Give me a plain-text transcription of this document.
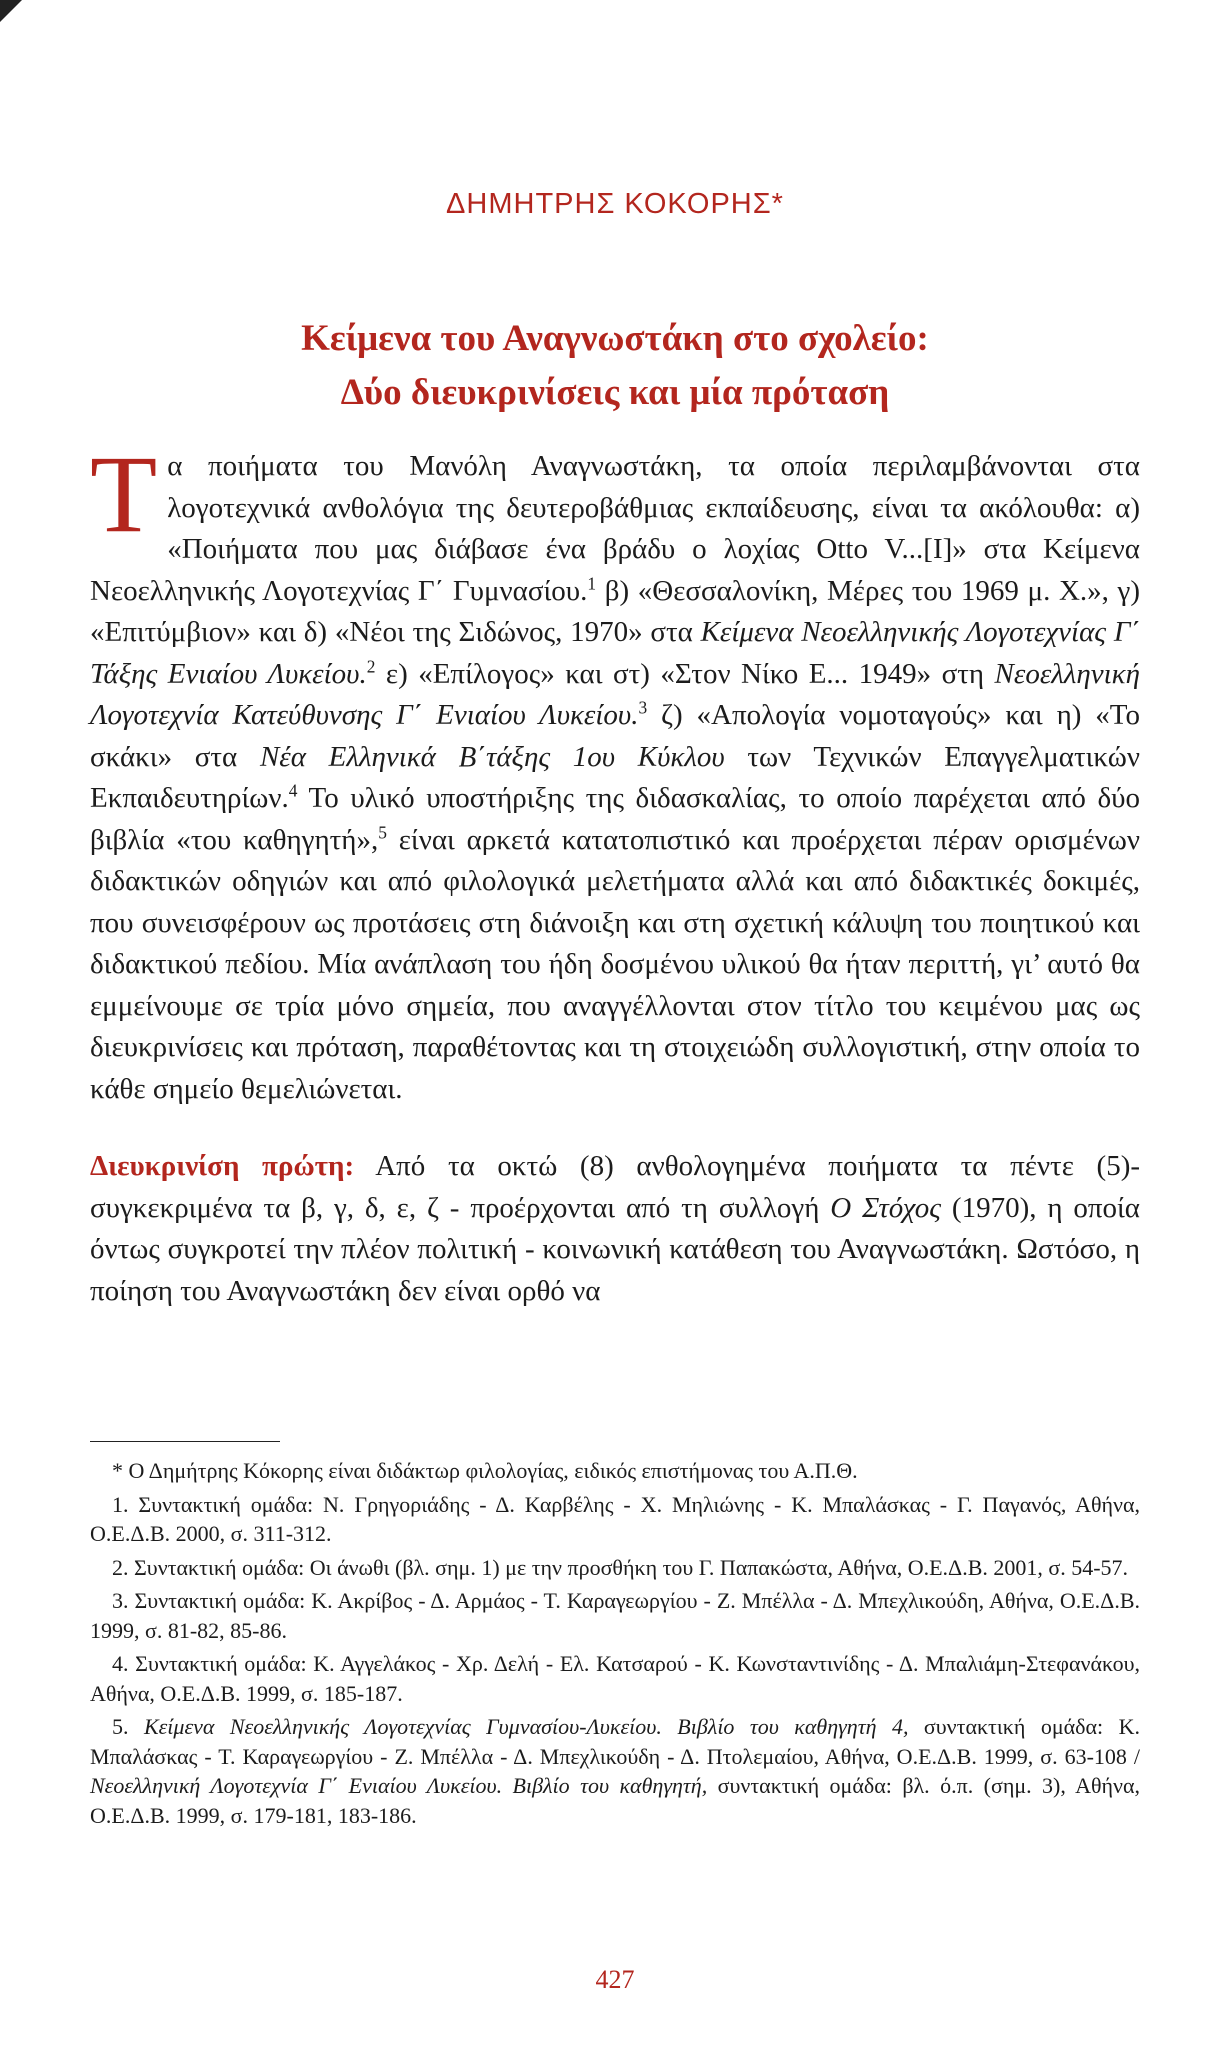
ΔΗΜΗΤΡΗΣ ΚΟΚΟΡΗΣ*
Κείμενα του Αναγνωστάκη στο σχολείο:
Δύο διευκρινίσεις και μία πρόταση

Τα ποιήματα του Μανόλη Αναγνωστάκη, τα οποία περιλαμβάνονται στα λογοτεχνικά ανθολόγια της δευτεροβάθμιας εκπαίδευσης, είναι τα ακόλουθα: α) «Ποιήματα που μας διάβασε ένα βράδυ ο λοχίας Otto V...[I]» στα Κείμενα Νεοελληνικής Λογοτεχνίας Γ΄ Γυμνασίου.$^1$ β) «Θεσσαλονίκη, Μέρες του 1969 μ. Χ.», γ) «Επιτύμβιον» και δ) «Νέοι της Σιδώνος, 1970» στα Κείμενα Νεοελληνικής Λογοτεχνίας Γ΄ Τάξης Ενιαίου Λυκείου.$^2$ ε) «Επίλογος» και στ) «Στον Νίκο Ε... 1949» στη Νεοελληνική Λογοτεχνία Κατεύθυνσης Γ΄ Ενιαίου Λυκείου.$^3$ ζ) «Απολογία νομοταγούς» και η) «Το σκάκι» στα Νέα Ελληνικά Β΄τάξης 1ου Κύκλου των Τεχνικών Επαγγελματικών Εκπαιδευτηρίων.$^4$ Το υλικό υποστήριξης της διδασκαλίας, το οποίο παρέχεται από δύο βιβλία «του καθηγητή»,$^5$ είναι αρκετά κατατοπιστικό και προέρχεται πέραν ορισμένων διδακτικών οδηγιών και από φιλολογικά μελετήματα αλλά και από διδακτικές δοκιμές, που συνεισφέρουν ως προτάσεις στη διάνοιξη και στη σχετική κάλυψη του ποιητικού και διδακτικού πεδίου. Μία ανάπλαση του ήδη δοσμένου υλικού θα ήταν περιττή, γι’ αυτό θα εμμείνουμε σε τρία μόνο σημεία, που αναγγέλλονται στον τίτλο του κειμένου μας ως διευκρινίσεις και πρόταση, παραθέτοντας και τη στοιχειώδη συλλογιστική, στην οποία το κάθε σημείο θεμελιώνεται.

Διευκρινίση πρώτη: Από τα οκτώ (8) ανθολογημένα ποιήματα τα πέντε (5)- συγκεκριμένα τα β, γ, δ, ε, ζ - προέρχονται από τη συλλογή Ο Στόχος (1970), η οποία όντως συγκροτεί την πλέον πολιτική - κοινωνική κατάθεση του Αναγνωστάκη. Ωστόσο, η ποίηση του Αναγνωστάκη δεν είναι ορθό να

* Ο Δημήτρης Κόκορης είναι διδάκτωρ φιλολογίας, ειδικός επιστήμονας του Α.Π.Θ.

1. Συντακτική ομάδα: Ν. Γρηγοριάδης - Δ. Καρβέλης - Χ. Μηλιώνης - Κ. Μπαλάσκας - Γ. Παγανός, Αθήνα, Ο.Ε.Δ.Β. 2000, σ. 311-312.

2. Συντακτική ομάδα: Οι άνωθι (βλ. σημ. 1) με την προσθήκη του Γ. Παπακώστα, Αθήνα, Ο.Ε.Δ.Β. 2001, σ. 54-57.

3. Συντακτική ομάδα: Κ. Ακρίβος - Δ. Αρμάος - Τ. Καραγεωργίου - Ζ. Μπέλλα - Δ. Μπεχλικούδη, Αθήνα, Ο.Ε.Δ.Β. 1999, σ. 81-82, 85-86.

4. Συντακτική ομάδα: Κ. Αγγελάκος - Χρ. Δελή - Ελ. Κατσαρού - Κ. Κωνσταντινίδης - Δ. Μπαλιάμη-Στεφανάκου, Αθήνα, Ο.Ε.Δ.Β. 1999, σ. 185-187.

5. Κείμενα Νεοελληνικής Λογοτεχνίας Γυμνασίου-Λυκείου. Βιβλίο του καθηγητή 4, συντακτική ομάδα: Κ. Μπαλάσκας - Τ. Καραγεωργίου - Ζ. Μπέλλα - Δ. Μπεχλικούδη - Δ. Πτολεμαίου, Αθήνα, Ο.Ε.Δ.Β. 1999, σ. 63-108 / Νεοελληνική Λογοτεχνία Γ΄ Ενιαίου Λυκείου. Βιβλίο του καθηγητή, συντακτική ομάδα: βλ. ό.π. (σημ. 3), Αθήνα, Ο.Ε.Δ.Β. 1999, σ. 179-181, 183-186.

427
